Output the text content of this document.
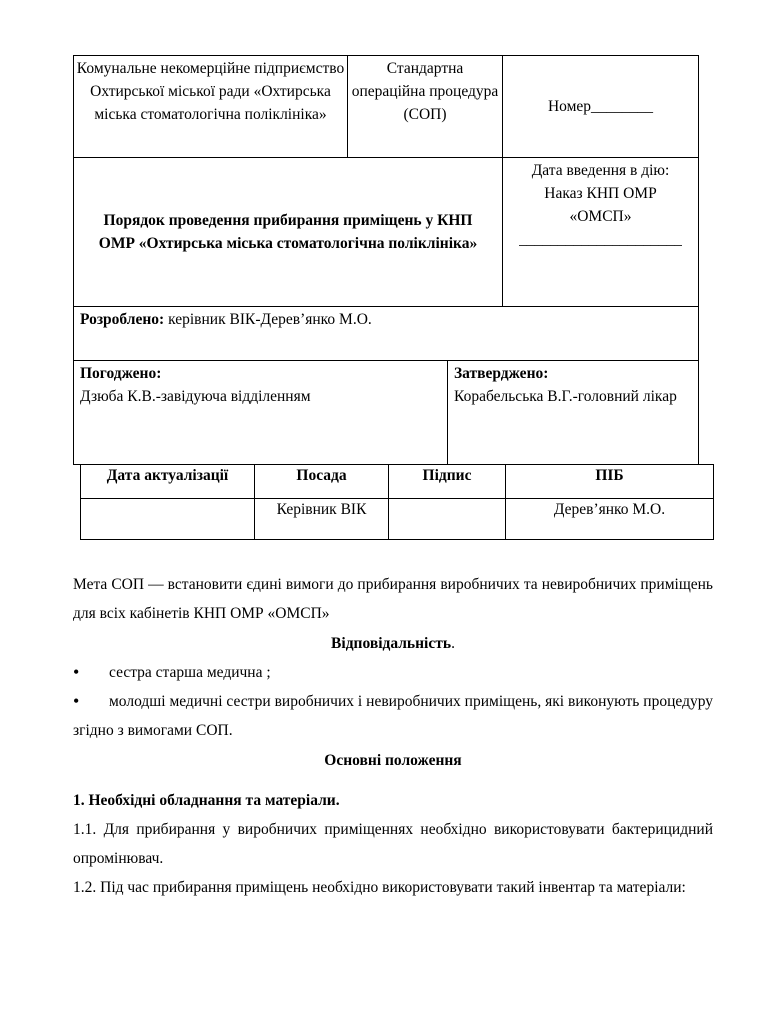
Комунальне некомерційне підприємство Охтирської міської ради «Охтирська міська стоматологічна поліклініка»	Стандартна операційна процедура (СОП)	Номер________
Порядок проведення прибирання приміщень у КНП ОМР «Охтирська міська стоматологічна поліклініка»		Дата введення в дію:
Наказ КНП ОМР «ОМСП»
_____________________

Розроблено: керівник ВІК-Дерев’янко М.О.		
Погоджено:
Дзюба К.В.-завідуюча відділенням

Затверджено:
Корабельська В.Г.-головний лікар
Дата актуалізації	Посада	Підпис	ПІБ
	Керівник ВІК		Дерев’янко М.О.
Мета СОП — встановити єдині вимоги до прибирання виробничих та невиробничих приміщень для всіх кабінетів КНП ОМР «ОМСП»
Відповідальність.
• сестра старша медична ;
•	молодші медичні сестри виробничих і невиробничих приміщень, які виконують процедуру згідно з вимогами СОП.
Основні положення
1. Необхідні обладнання та матеріали.
1.1. Для прибирання у виробничих приміщеннях необхідно використовувати бактерицидний опромінювач.
1.2. Під час прибирання приміщень необхідно використовувати такий інвентар та матеріали:
